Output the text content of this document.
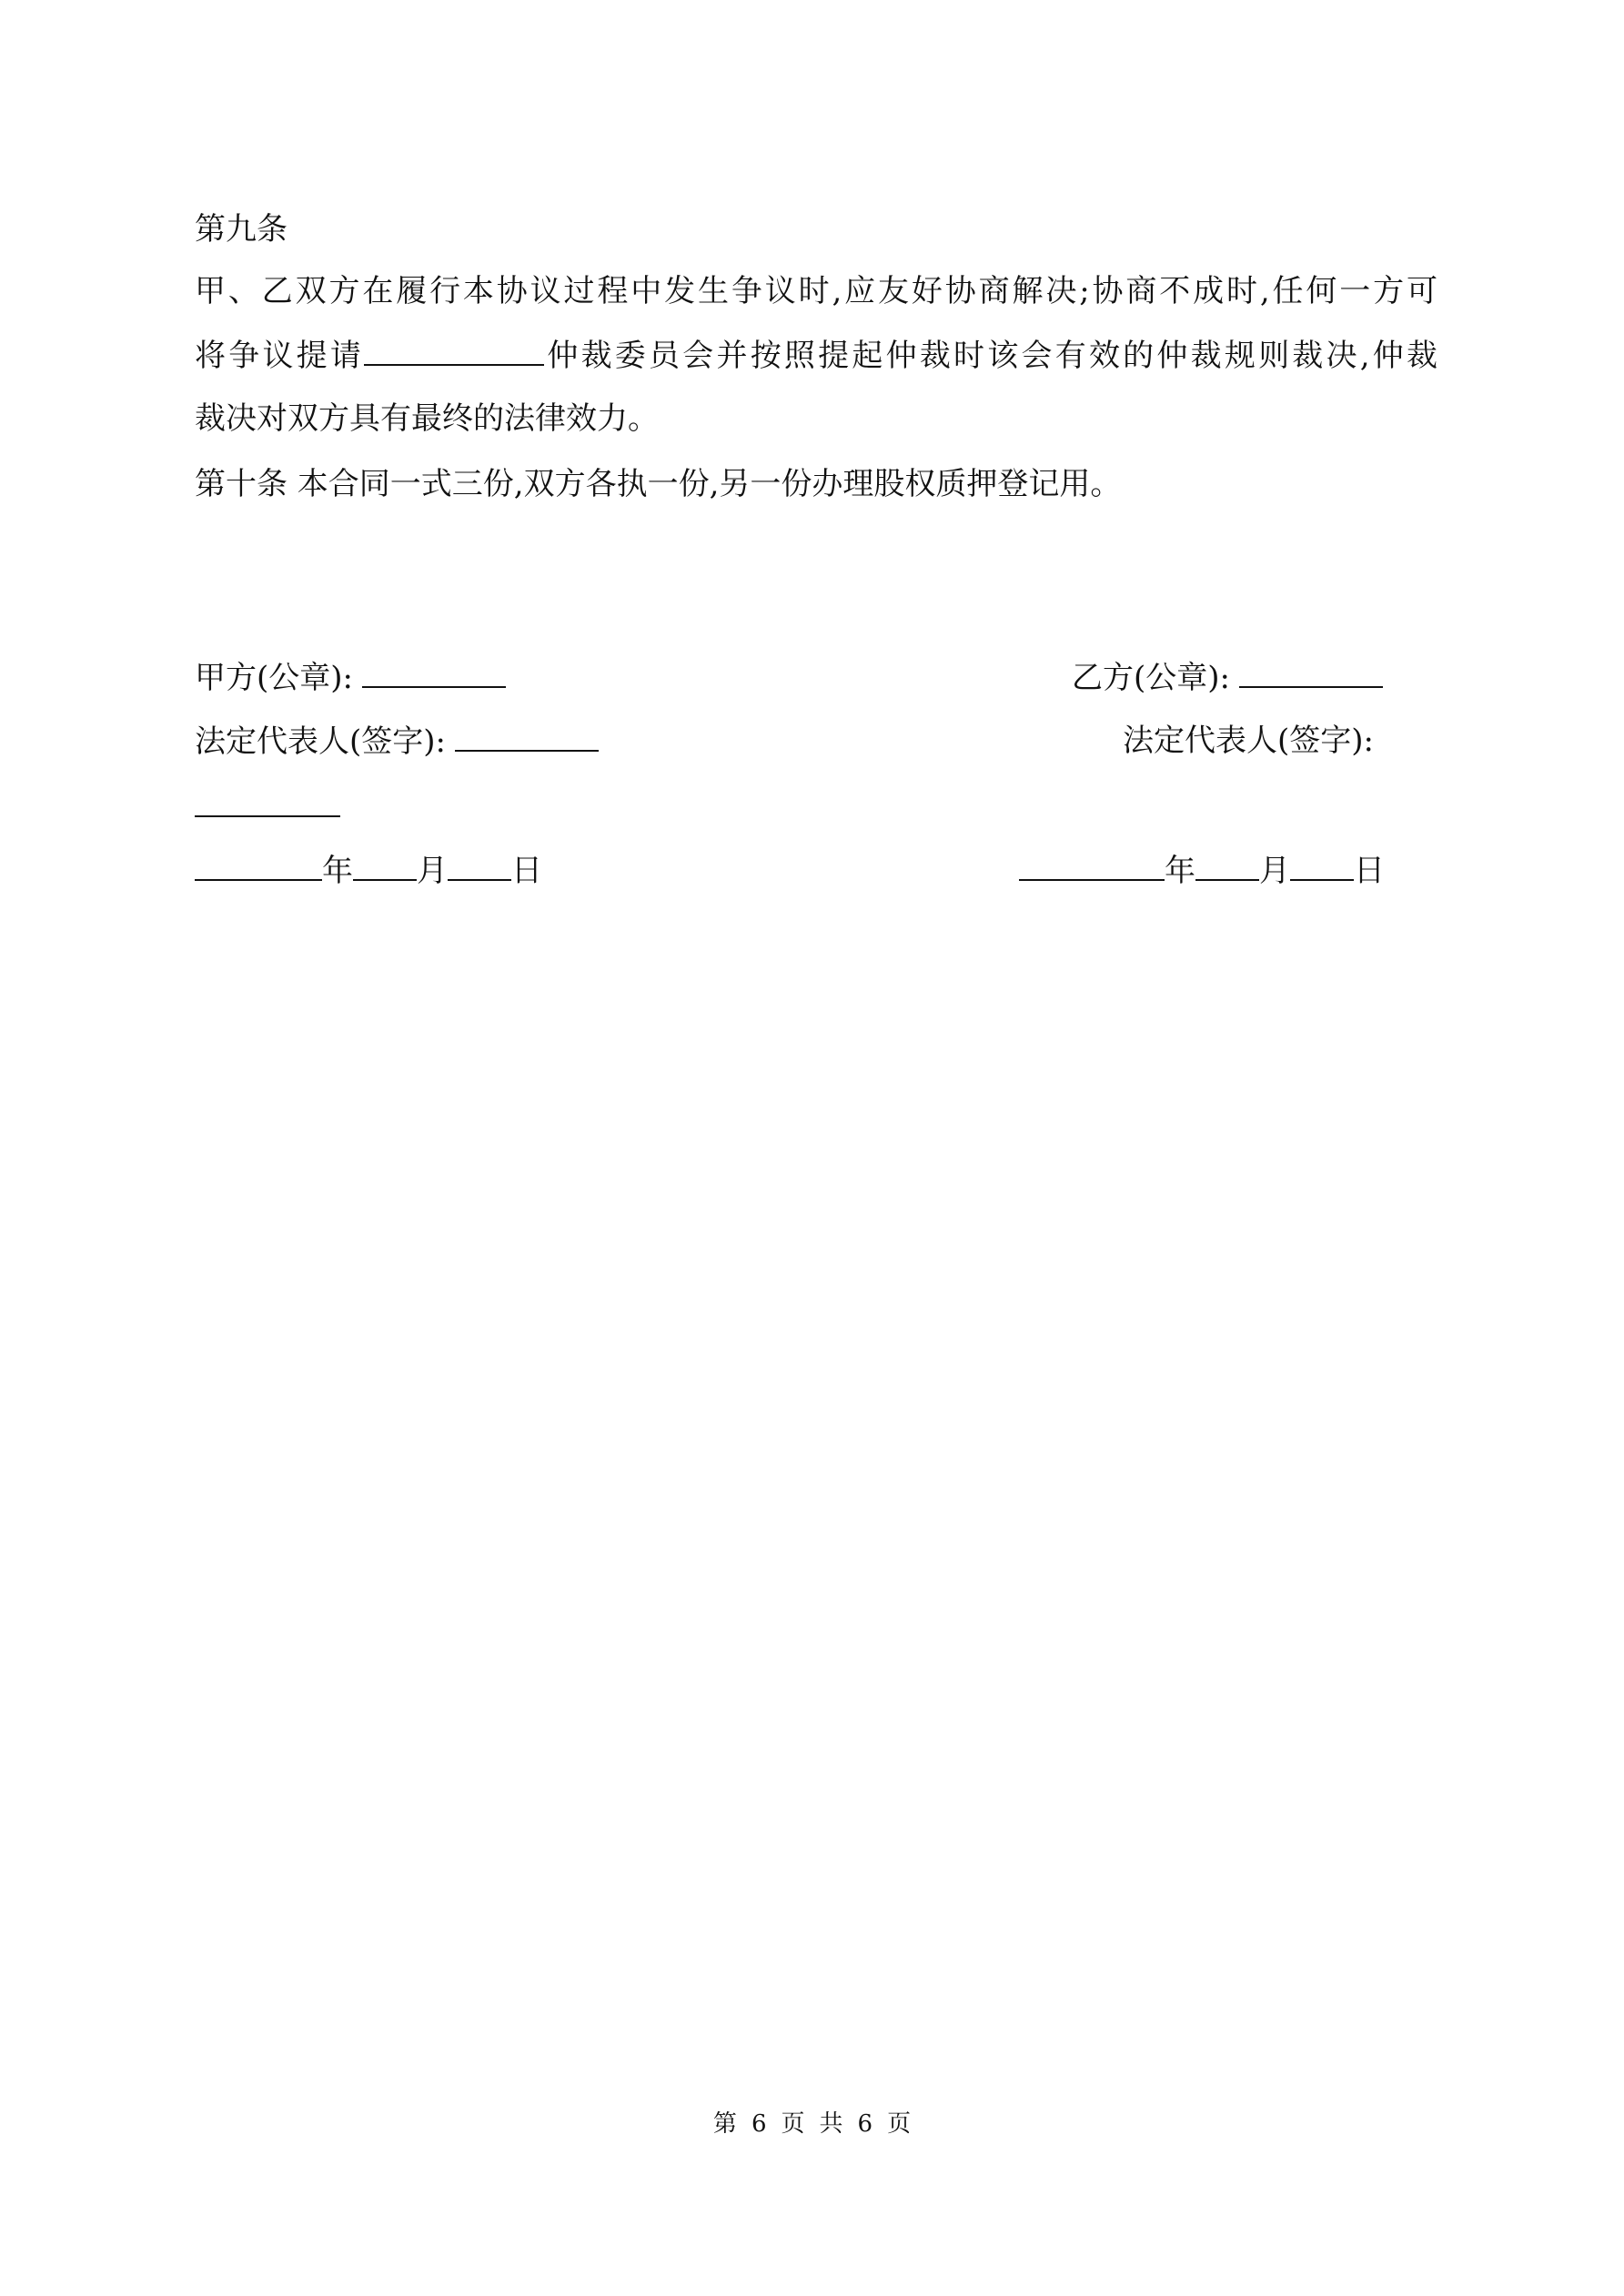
第九条
甲、乙双方在履行本协议过程中发生争议时,应友好协商解决;协商不成时,任何一方可
将争议提请	仲裁委员会并按照提起仲裁时该会有效的仲裁规则裁决,仲裁
裁决对双方具有最终的法律效力。
第十条 本合同一式三份,双方各执一份,另一份办理股权质押登记用。
甲方(公章):
法定代表人(签字):
年 月 日
乙方(公章):
法定代表人(签字):
年 月 日
第 6 页 共 6 页
